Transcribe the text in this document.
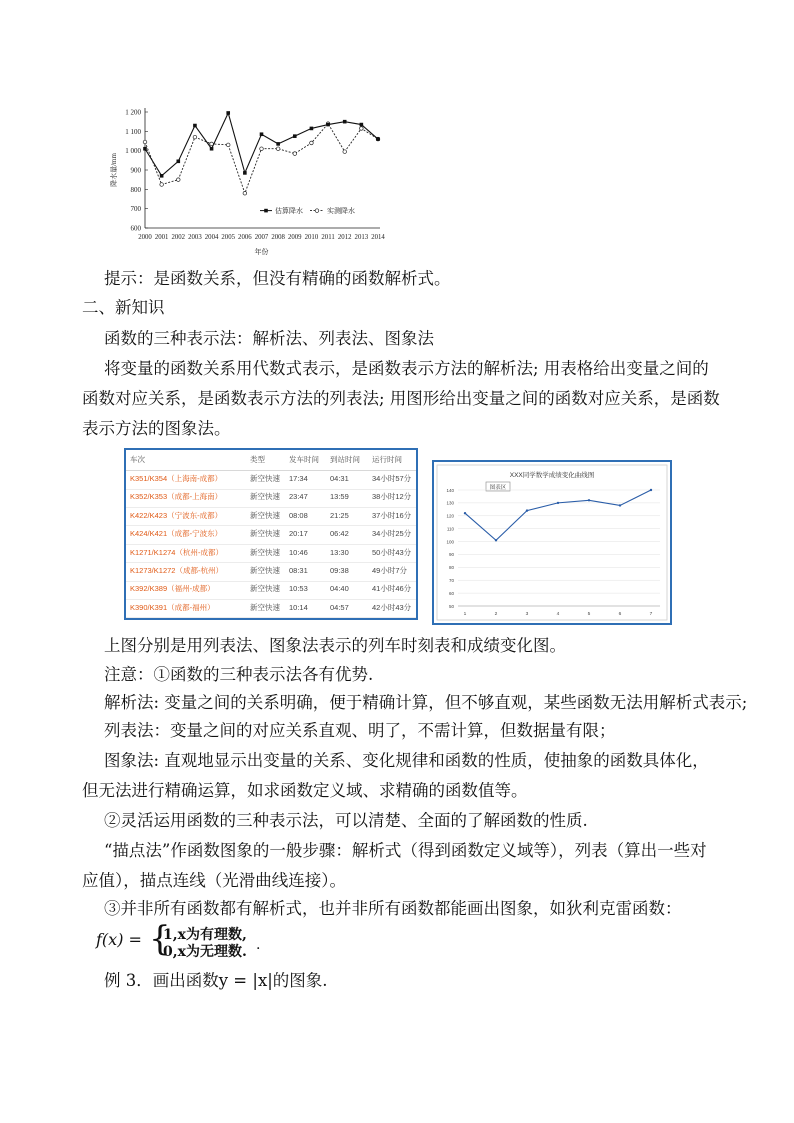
600
700
800
900
1 000
1 100
1 200
2000 2001 2002 2003 2004 2005 2006 2007 2008 2009 2010 2011 2012 2013 2014
年份
降水量/mm
估算降水	实测降水
提示：是函数关系，但没有精确的函数解析式。
二、新知识
函数的三种表示法：解析法、列表法、图象法
将变量的函数关系用代数式表示，是函数表示方法的解析法; 用表格给出变量之间的函数对应关系，是函数表示方法的列表法; 用图形给出变量之间的函数对应关系，是函数表示方法的图象法。
车次	类型	发车时间 到站时间 运行时间
K351/K354（上海南-成都）	新空快速 17:34	04:31	34小时57分
K352/K353（成都-上海南）	新空快速 23:47	13:59	38小时12分
K422/K423（宁波东-成都）	新空快速 08:08	21:25	37小时16分
K424/K421（成都-宁波东）	新空快速 20:17	06:42	34小时25分
K1271/K1274（杭州-成都）	新空快速 10:46	13:30	50小时43分
K1273/K1272（成都-杭州）	新空快速 08:31	09:38	49小时7分
K392/K389（福州-成都）	新空快速 10:53	04:40	41小时46分
K390/K391（成都-福州）	新空快速 10:14	04:57	42小时43分
XXX同学数学成绩变化曲线图
图表区
50
60
70
80
90
100
110
120
130
140
1	2	3	4	5	6	7
上图分别是用列表法、图象法表示的列车时刻表和成绩变化图。
注意：①函数的三种表示法各有优势.
解析法: 变量之间的关系明确，便于精确计算，但不够直观，某些函数无法用解析式表示;
列表法：变量之间的对应关系直观、明了，不需计算，但数据量有限；
图象法: 直观地显示出变量的关系、变化规律和函数的性质，使抽象的函数具体化，但无法进行精确运算，如求函数定义域、求精确的函数值等。
②灵活运用函数的三种表示法，可以清楚、全面的了解函数的性质.
“描点法”作函数图象的一般步骤：解析式（得到函数定义域等），列表（算出一些对应值），描点连线（光滑曲线连接）。
③并非所有函数都有解析式，也并非所有函数都能画出图象，如狄利克雷函数：
f(x) = {
1,x为有理数,
0,x为无理数. .
例 3．画出函数y = |x|的图象.
